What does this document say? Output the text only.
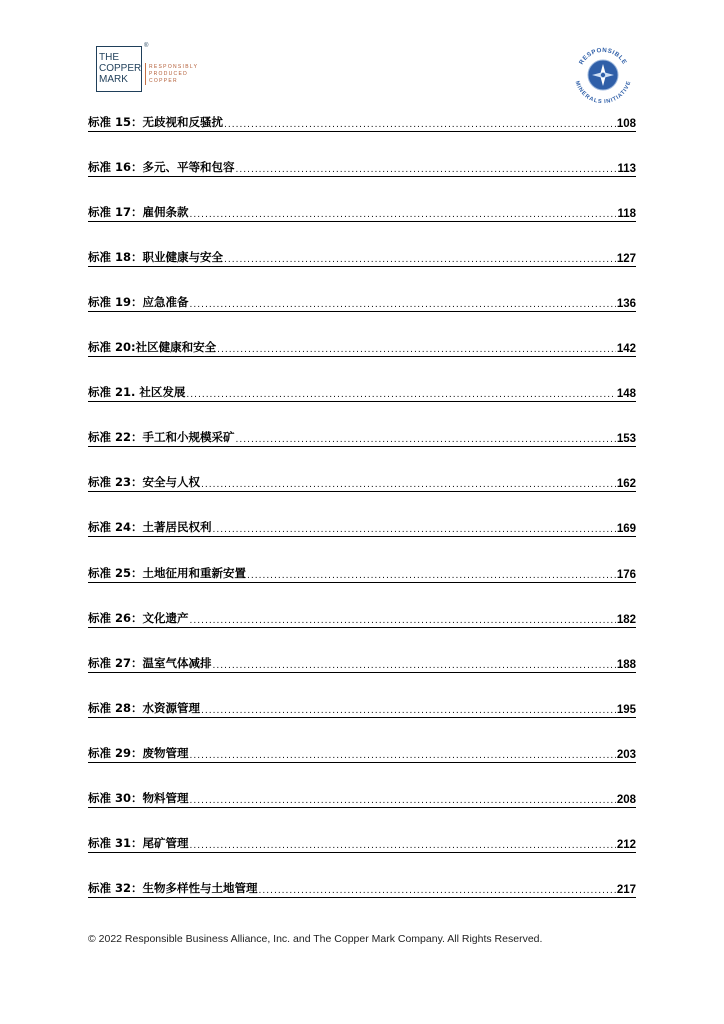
THE
COPPER
MARK
®
RESPONSIBLY
PRODUCED
COPPER
RESPONSIBLE
MINERALS INITIATIVE
标准 15：无歧视和反骚扰 .....	108
标准 16：多元、平等和包容 .....	113
标准 17：雇佣条款 .....	118
标准 18：职业健康与安全 .....	127
标准 19：应急准备 .....	136
标准 20:社区健康和安全 .....	142
标准 21. 社区发展 .....	148
标准 22：手工和小规模采矿 .....	153
标准 23：安全与人权 .....	162
标准 24：土著居民权利 .....	169
标准 25：土地征用和重新安置 .....	176
标准 26：文化遗产 .....	182
标准 27：温室气体减排 .....	188
标准 28：水资源管理 .....	195
标准 29：废物管理 .....	203
标准 30：物料管理 .....	208
标准 31：尾矿管理 .....	212
标准 32：生物多样性与土地管理 .....	217
© 2022 Responsible Business Alliance, Inc. and The Copper Mark Company. All Rights Reserved.
